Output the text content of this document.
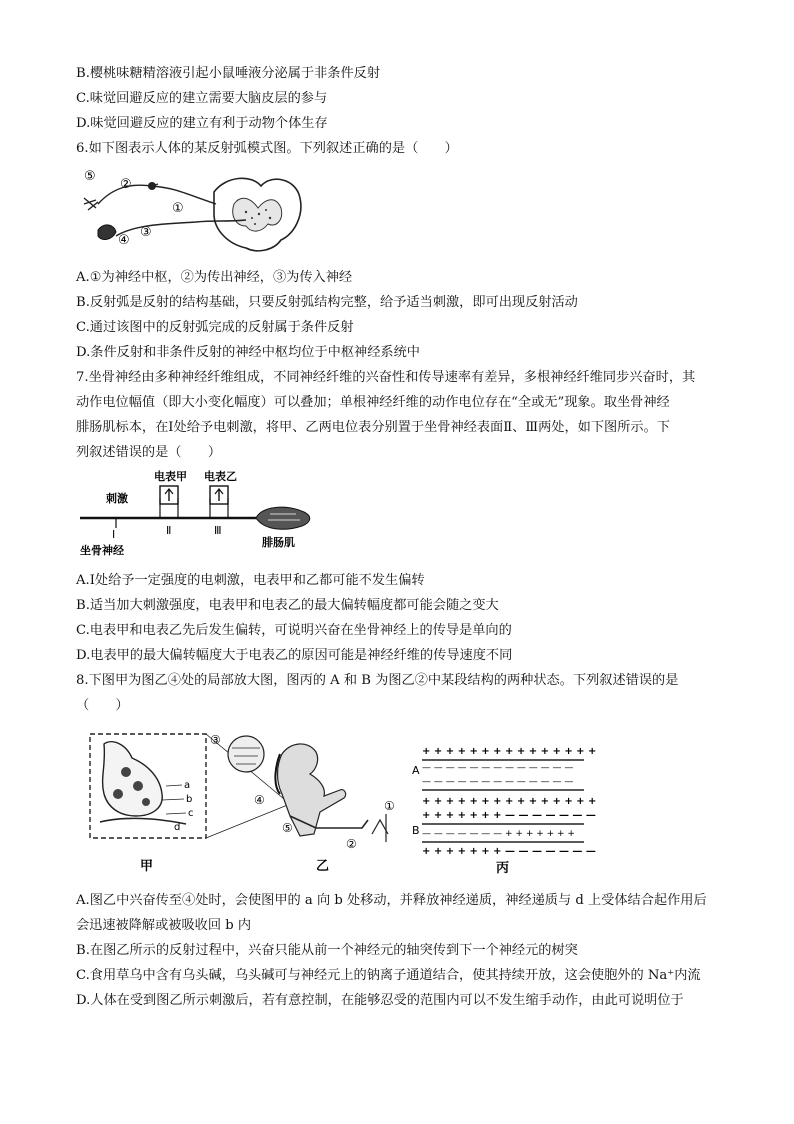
B.樱桃味糖精溶液引起小鼠唾液分泌属于非条件反射
C.味觉回避反应的建立需要大脑皮层的参与
D.味觉回避反应的建立有利于动物个体生存
6.如下图表示人体的某反射弧模式图。下列叙述正确的是（　　）
⑤
②
①
④
③
A.①为神经中枢，②为传出神经，③为传入神经
B.反射弧是反射的结构基础，只要反射弧结构完整，给予适当刺激，即可出现反射活动
C.通过该图中的反射弧完成的反射属于条件反射
D.条件反射和非条件反射的神经中枢均位于中枢神经系统中
7.坐骨神经由多种神经纤维组成，不同神经纤维的兴奋性和传导速率有差异，多根神经纤维同步兴奋时，其
动作电位幅值（即大小变化幅度）可以叠加；单根神经纤维的动作电位存在“全或无”现象。取坐骨神经
腓肠肌标本，在Ⅰ处给予电刺激，将甲、乙两电位表分别置于坐骨神经表面Ⅱ、Ⅲ两处，如下图所示。下
列叙述错误的是（　　）
刺激
Ⅰ
电表甲
Ⅱ
电表乙
Ⅲ
坐骨神经
腓肠肌
A.Ⅰ处给予一定强度的电刺激，电表甲和乙都可能不发生偏转
B.适当加大刺激强度，电表甲和电表乙的最大偏转幅度都可能会随之变大
C.电表甲和电表乙先后发生偏转，可说明兴奋在坐骨神经上的传导是单向的
D.电表甲的最大偏转幅度大于电表乙的原因可能是神经纤维的传导速度不同
8.下图甲为图乙④处的局部放大图，图丙的 A 和 B 为图乙②中某段结构的两种状态。下列叙述错误的是
（　　）
a
b
c
d
甲
③
④
⑤
①
②
乙
A
+ + + + + + + + + + + + + + +
— — — — — — — — — — — — —
— — — — — — — — — — — — —
+ + + + + + + + + + + + + + +
B
+ + + + + + + — — — — — — —
— — — — — — — + + + + + + +
+ + + + + + + — — — — — — —
丙
A.图乙中兴奋传至④处时，会使图甲的 a 向 b 处移动，并释放神经递质，神经递质与 d 上受体结合起作用后
会迅速被降解或被吸收回 b 内
B.在图乙所示的反射过程中，兴奋只能从前一个神经元的轴突传到下一个神经元的树突
C.食用草乌中含有乌头碱，乌头碱可与神经元上的钠离子通道结合，使其持续开放，这会使胞外的 Na⁺内流
D.人体在受到图乙所示刺激后，若有意控制，在能够忍受的范围内可以不发生缩手动作，由此可说明位于
